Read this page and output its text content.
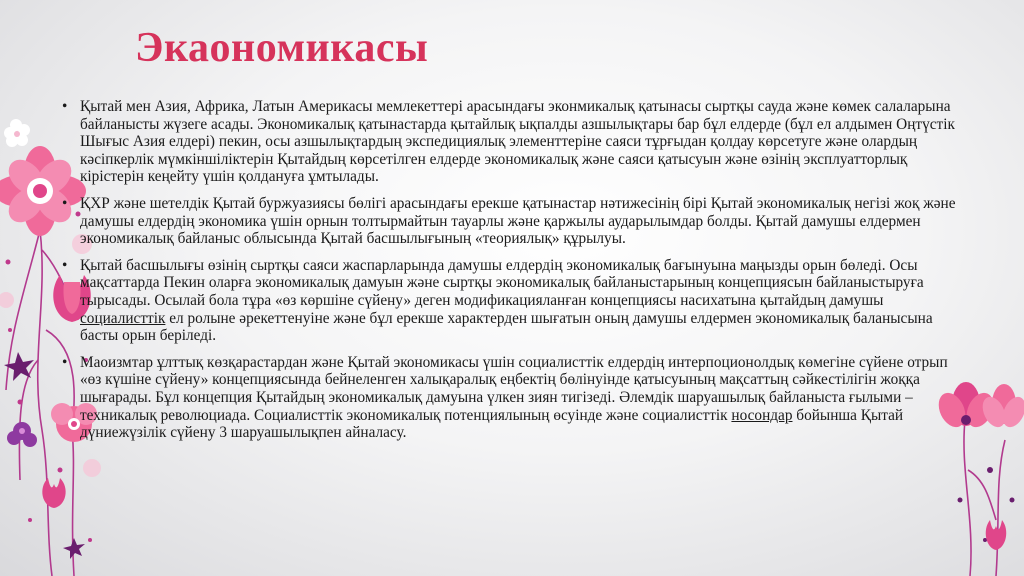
Экаономикасы
• Қытай мен Азия, Африка, Латын Америкасы мемлекеттері арасындағы эконмикалық қатынасы сыртқы сауда және көмек салаларына байланысты жүзеге асады. Экономикалық қатынастарда қытайлық ықпалды азшылықтары бар бұл елдерде (бұл ел алдымен Оңтүстік Шығыс Азия елдері) пекин, осы азшылықтардың экспедициялық элементтеріне саяси тұрғыдан қолдау көрсетуге және олардың кәсіпкерлік мүмкіншіліктерін Қытайдың көрсетілген елдерде экономикалық және саяси қатысуын және өзінің эксплуатторлық кірістерін кеңейту үшін қолдануға ұмтылады.
• ҚХР және шетелдік Қытай буржуазиясы бөлігі арасындағы ерекше қатынастар нәтижесінің бірі Қытай экономикалық негізі жоқ және дамушы елдердің экономика үшін орнын толтырмайтын тауарлы және қаржылы аударылымдар болды. Қытай дамушы елдермен экономикалық байланыс облысында Қытай басшылығының «теориялық» құрылуы.
• Қытай басшылығы өзінің сыртқы саяси жаспарларында дамушы елдердің экономикалық бағынуына маңызды орын бөледі. Осы мақсаттарда Пекин оларға экономикалық дамуын және сыртқы экономикалық байланыстарының концепциясын байланыстыруға тырысады. Осылай бола тұра «өз көршіне сүйену» деген модификацияланған концепциясы насихатына қытайдың дамушы социалисттік ел ролыне әрекеттенуіне және бұл ерекше характерден шығатын оның дамушы елдермен экономикалық баланысына басты орын беріледі.
• Маоизмтар ұлттық көзқарастардан және Қытай экономикасы үшін социалисттік елдердің интерпоционолдық көмегіне сүйене отрып «өз күшіне сүйену» концепциясында бейнеленген халықаралық еңбектің бөлінуінде қатысуының мақсаттың сәйкестілігін жоққа шығарады. Бұл концепция Қытайдың экономикалық дамуына үлкен зиян тигізеді. Әлемдік шаруашылық байланыста ғылыми – техникалық революциада. Социалисттік экономикалық потенциялының өсуінде және социалисттік носондар бойынша Қытай дүниежүзілік сүйену 3 шаруашылықпен айналасу.
